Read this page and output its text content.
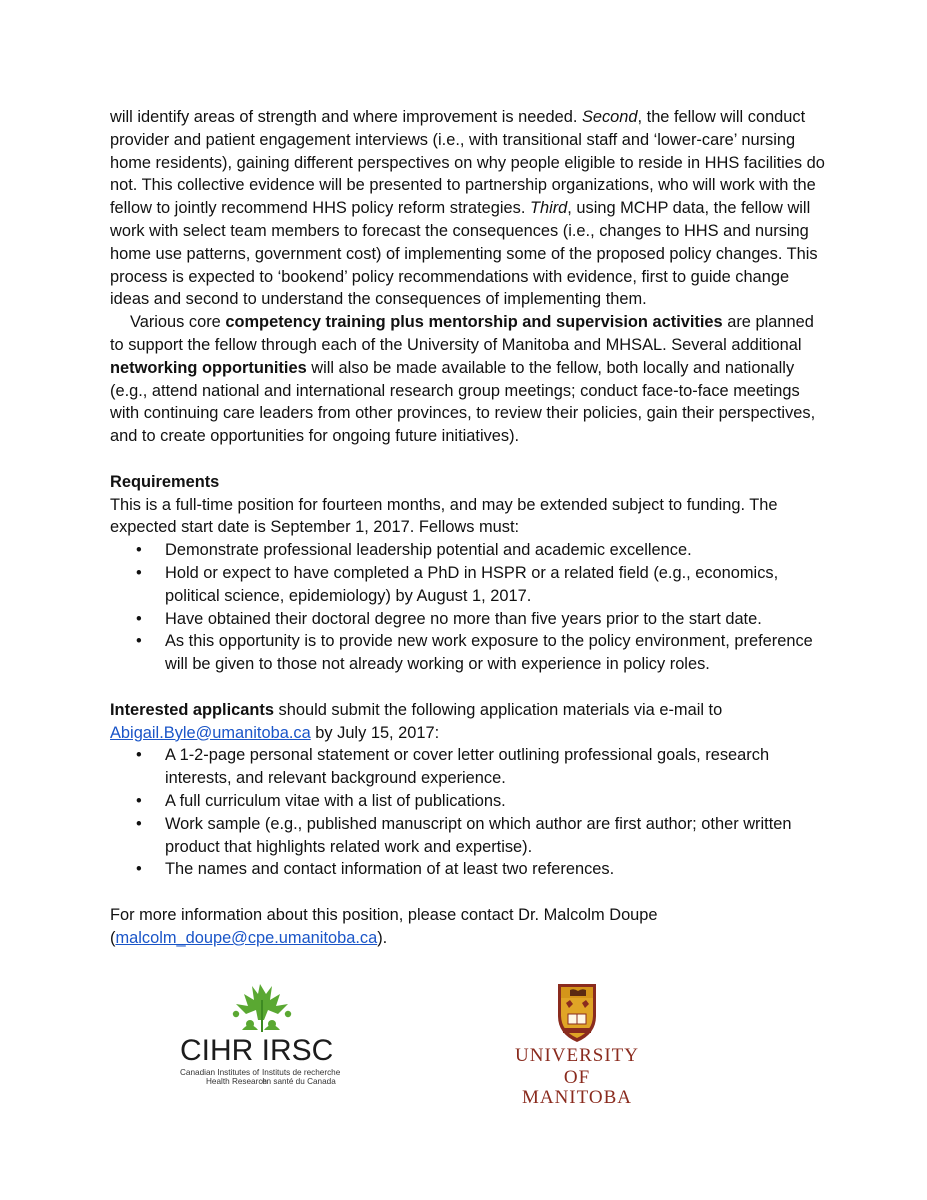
will identify areas of strength and where improvement is needed. Second, the fellow will conduct provider and patient engagement interviews (i.e., with transitional staff and ‘lower-care’ nursing home residents), gaining different perspectives on why people eligible to reside in HHS facilities do not. This collective evidence will be presented to partnership organizations, who will work with the fellow to jointly recommend HHS policy reform strategies. Third, using MCHP data, the fellow will work with select team members to forecast the consequences (i.e., changes to HHS and nursing home use patterns, government cost) of implementing some of the proposed policy changes. This process is expected to ‘bookend’ policy recommendations with evidence, first to guide change ideas and second to understand the consequences of implementing them.

Various core competency training plus mentorship and supervision activities are planned to support the fellow through each of the University of Manitoba and MHSAL. Several additional networking opportunities will also be made available to the fellow, both locally and nationally (e.g., attend national and international research group meetings; conduct face-to-face meetings with continuing care leaders from other provinces, to review their policies, gain their perspectives, and to create opportunities for ongoing future initiatives).

Requirements

This is a full-time position for fourteen months, and may be extended subject to funding. The expected start date is September 1, 2017. Fellows must:

• Demonstrate professional leadership potential and academic excellence.
• Hold or expect to have completed a PhD in HSPR or a related field (e.g., economics, political science, epidemiology) by August 1, 2017.
• Have obtained their doctoral degree no more than five years prior to the start date.
• As this opportunity is to provide new work exposure to the policy environment, preference will be given to those not already working or with experience in policy roles.

Interested applicants should submit the following application materials via e-mail to Abigail.Byle@umanitoba.ca by July 15, 2017:

• A 1-2-page personal statement or cover letter outlining professional goals, research interests, and relevant background experience.
• A full curriculum vitae with a list of publications.
• Work sample (e.g., published manuscript on which author are first author; other written product that highlights related work and expertise).
• The names and contact information of at least two references.

For more information about this position, please contact Dr. Malcolm Doupe (malcolm_doupe@cpe.umanitoba.ca).

CIHR IRSC
Canadian Institutes of
Health Research
Instituts de recherche
en santé du Canada
UNIVERSITY
OF MANITOBA
